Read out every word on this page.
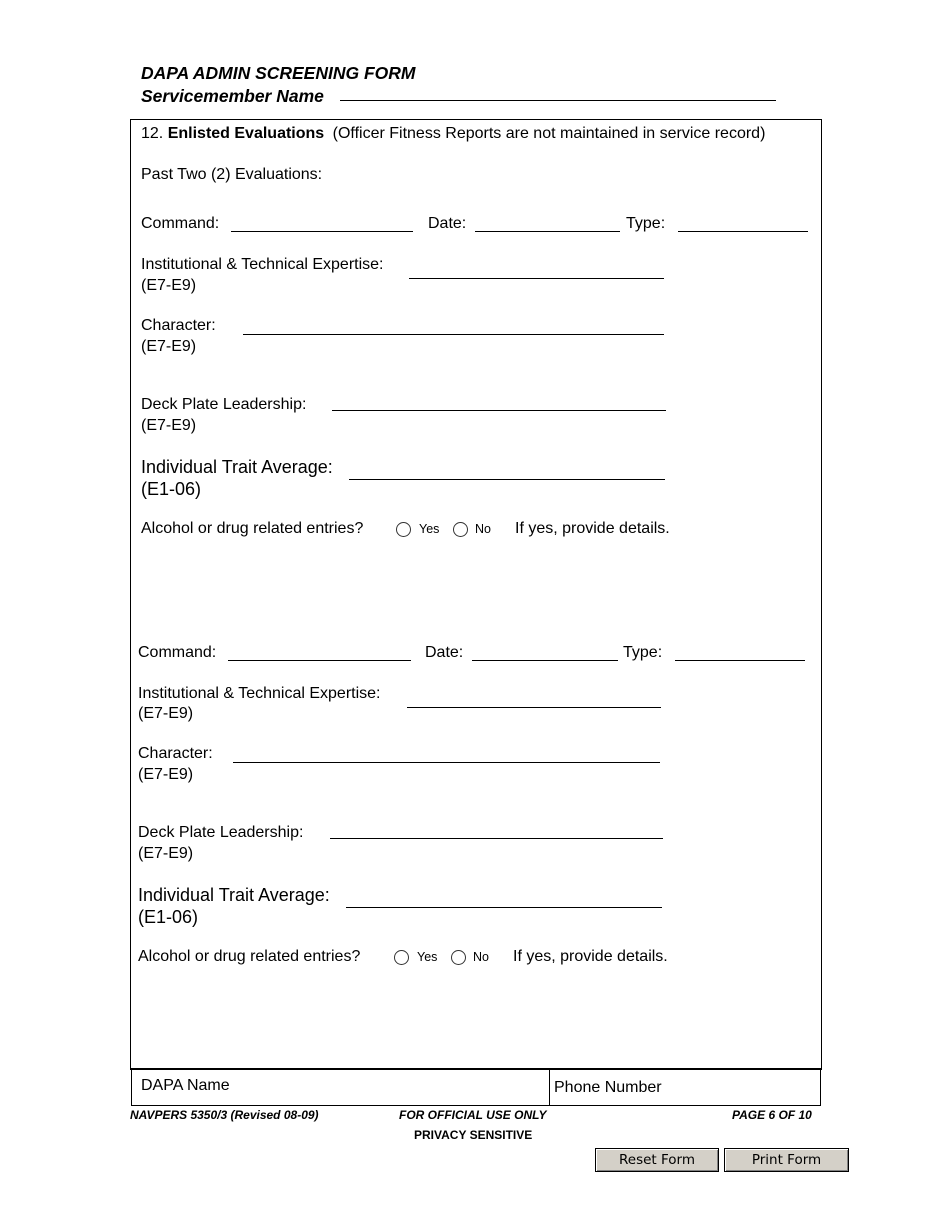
DAPA ADMIN SCREENING FORM
Servicemember Name
12. Enlisted Evaluations (Officer Fitness Reports are not maintained in service record)
Past Two (2) Evaluations:
Command:	Date:	Type:
Institutional & Technical Expertise:
(E7-E9)
Character:
(E7-E9)
Deck Plate Leadership:
(E7-E9)
Individual Trait Average:
(E1-06)
Alcohol or drug related entries?	Yes	No If yes, provide details.
Command:	Date:	Type:
Institutional & Technical Expertise:
(E7-E9)
Character:
(E7-E9)
Deck Plate Leadership:
(E7-E9)
Individual Trait Average:
(E1-06)
Alcohol or drug related entries?	Yes	No If yes, provide details.
DAPA Name	Phone Number
NAVPERS 5350/3 (Revised 08-09)	FOR OFFICIAL USE ONLY
PRIVACY SENSITIVE
PAGE 6 OF 10
Reset Form	Print Form
